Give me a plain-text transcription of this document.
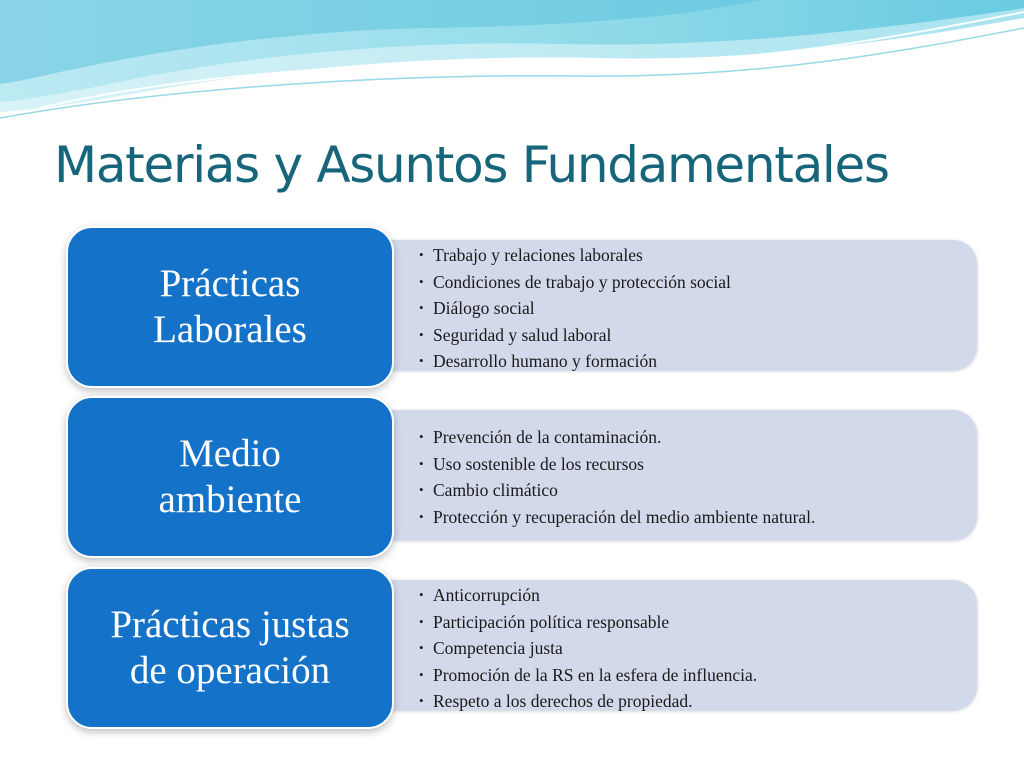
Materias y Asuntos Fundamentales
• Trabajo y relaciones laborales
• Condiciones de trabajo y protección social
• Diálogo social
• Seguridad y salud laboral
• Desarrollo humano y formación
Prácticas
Laborales
• Prevención de la contaminación.
• Uso sostenible de los recursos
• Cambio climático
• Protección y recuperación del medio ambiente natural.
Medio
ambiente
• Anticorrupción
• Participación política responsable
• Competencia justa
• Promoción de la RS en la esfera de influencia.
• Respeto a los derechos de propiedad.
Prácticas justas
de operación
